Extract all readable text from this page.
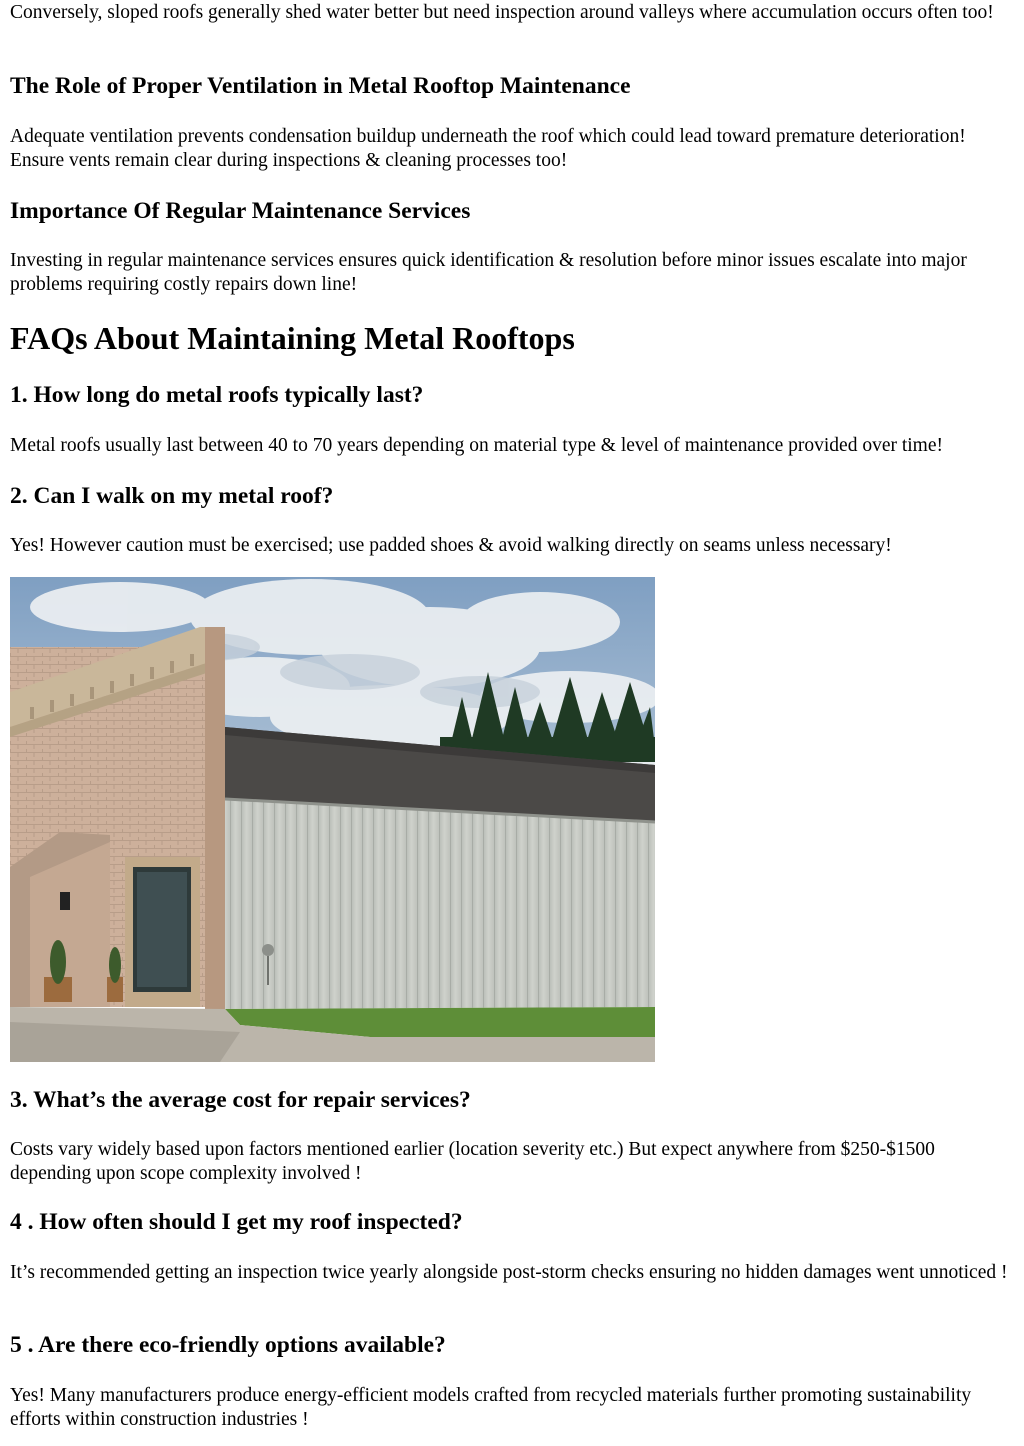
Conversely, sloped roofs generally shed water better but need inspection around valleys where accumulation occurs often too!

The Role of Proper Ventilation in Metal Rooftop Maintenance

Adequate ventilation prevents condensation buildup underneath the roof which could lead toward premature deterioration! Ensure vents remain clear during inspections & cleaning processes too!

Importance Of Regular Maintenance Services

Investing in regular maintenance services ensures quick identification & resolution before minor issues escalate into major problems requiring costly repairs down line!

FAQs About Maintaining Metal Rooftops
1. How long do metal roofs typically last?

Metal roofs usually last between 40 to 70 years depending on material type & level of maintenance provided over time!

2. Can I walk on my metal roof?

Yes! However caution must be exercised; use padded shoes & avoid walking directly on seams unless necessary!

3. What’s the average cost for repair services?

Costs vary widely based upon factors mentioned earlier (location severity etc.) But expect anywhere from $250-$1500 depending upon scope complexity involved !

4 . How often should I get my roof inspected?

It’s recommended getting an inspection twice yearly alongside post-storm checks ensuring no hidden damages went unnoticed !

5 . Are there eco-friendly options available?

Yes! Many manufacturers produce energy-efficient models crafted from recycled materials further promoting sustainability efforts within construction industries !
